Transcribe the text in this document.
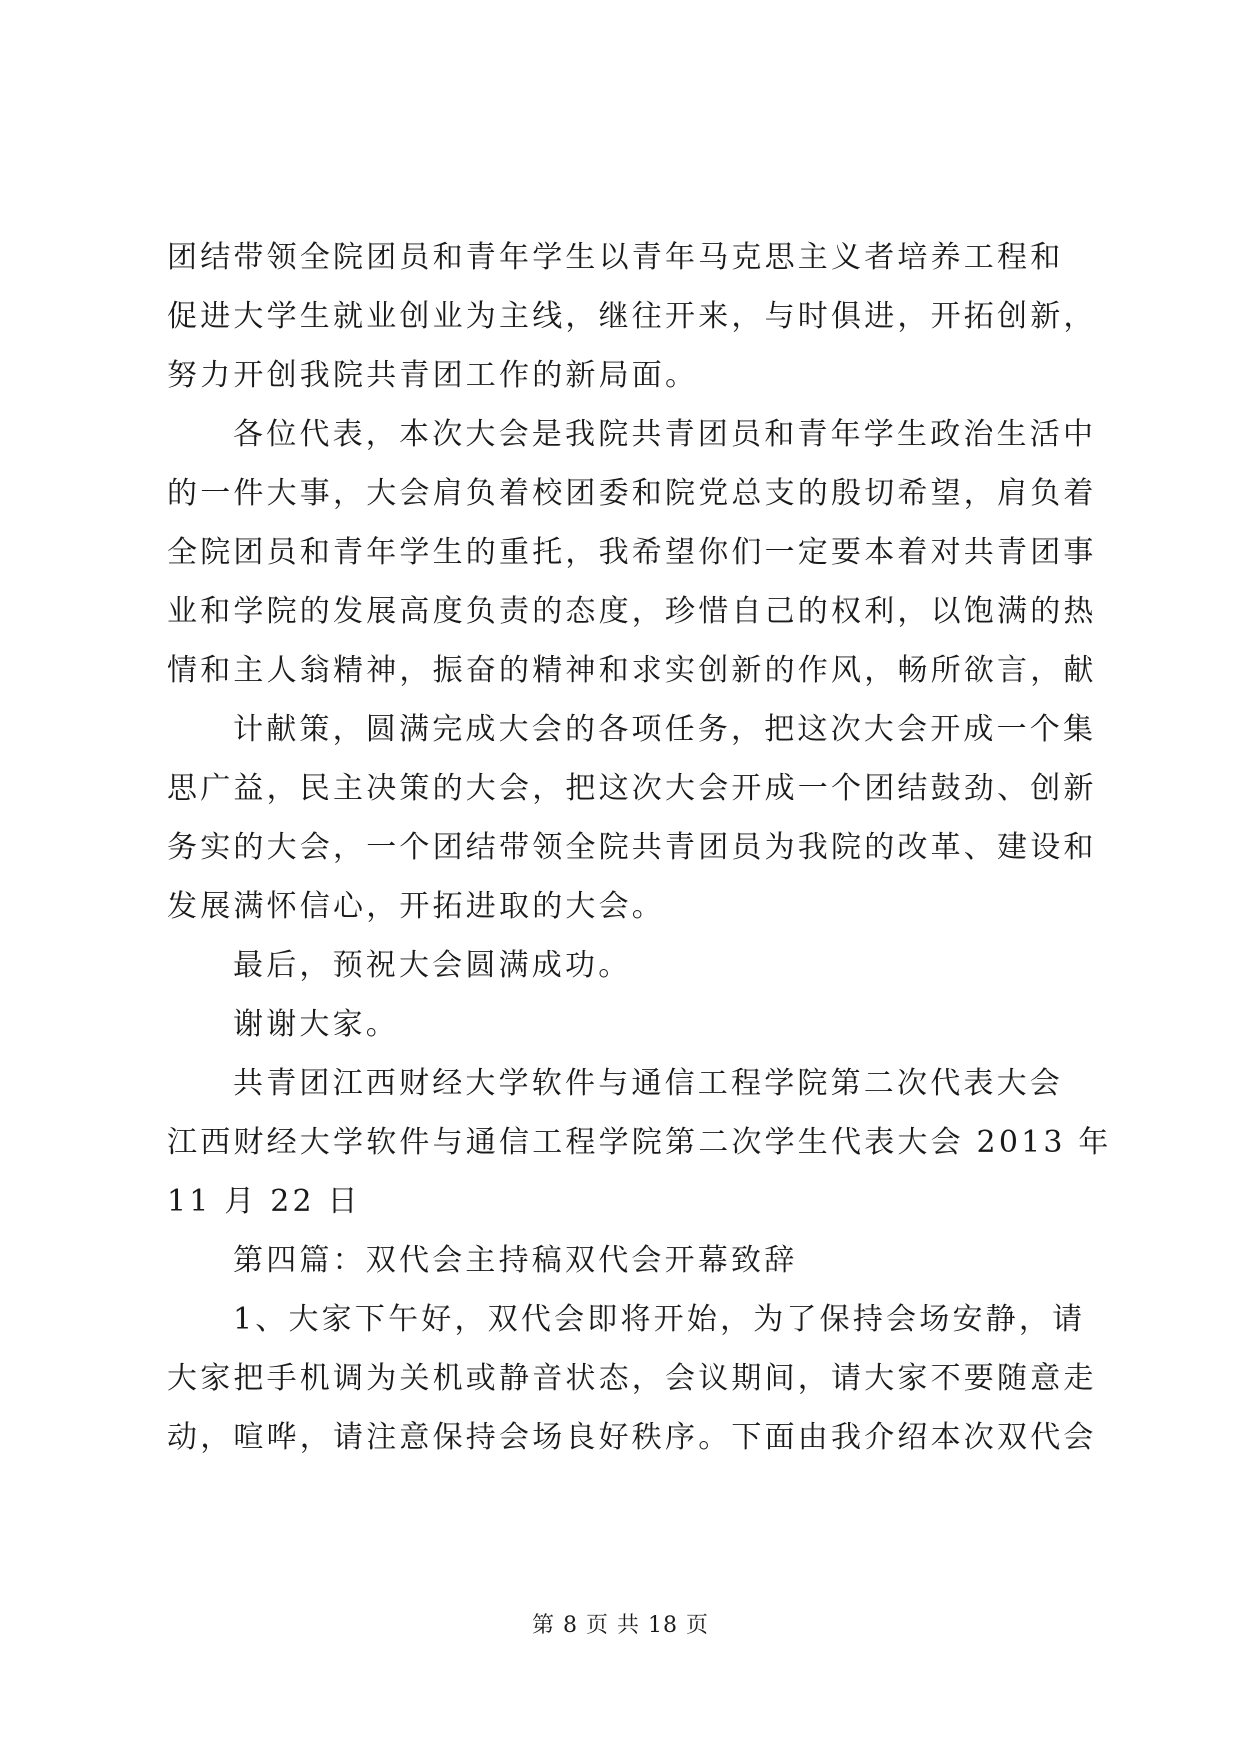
团结带领全院团员和青年学生以青年马克思主义者培养工程和
促进大学生就业创业为主线，继往开来，与时俱进，开拓创新，
努力开创我院共青团工作的新局面。
各位代表，本次大会是我院共青团员和青年学生政治生活中
的一件大事，大会肩负着校团委和院党总支的殷切希望，肩负着
全院团员和青年学生的重托，我希望你们一定要本着对共青团事
业和学院的发展高度负责的态度，珍惜自己的权利，以饱满的热
情和主人翁精神，振奋的精神和求实创新的作风，畅所欲言，献
计献策，圆满完成大会的各项任务，把这次大会开成一个集
思广益，民主决策的大会，把这次大会开成一个团结鼓劲、创新
务实的大会，一个团结带领全院共青团员为我院的改革、建设和
发展满怀信心，开拓进取的大会。
最后，预祝大会圆满成功。
谢谢大家。
共青团江西财经大学软件与通信工程学院第二次代表大会
江西财经大学软件与通信工程学院第二次学生代表大会 2013 年
11 月 22 日
第四篇：双代会主持稿双代会开幕致辞
1、大家下午好，双代会即将开始，为了保持会场安静，请
大家把手机调为关机或静音状态，会议期间，请大家不要随意走
动，喧哗，请注意保持会场良好秩序。下面由我介绍本次双代会
第 8 页 共 18 页
